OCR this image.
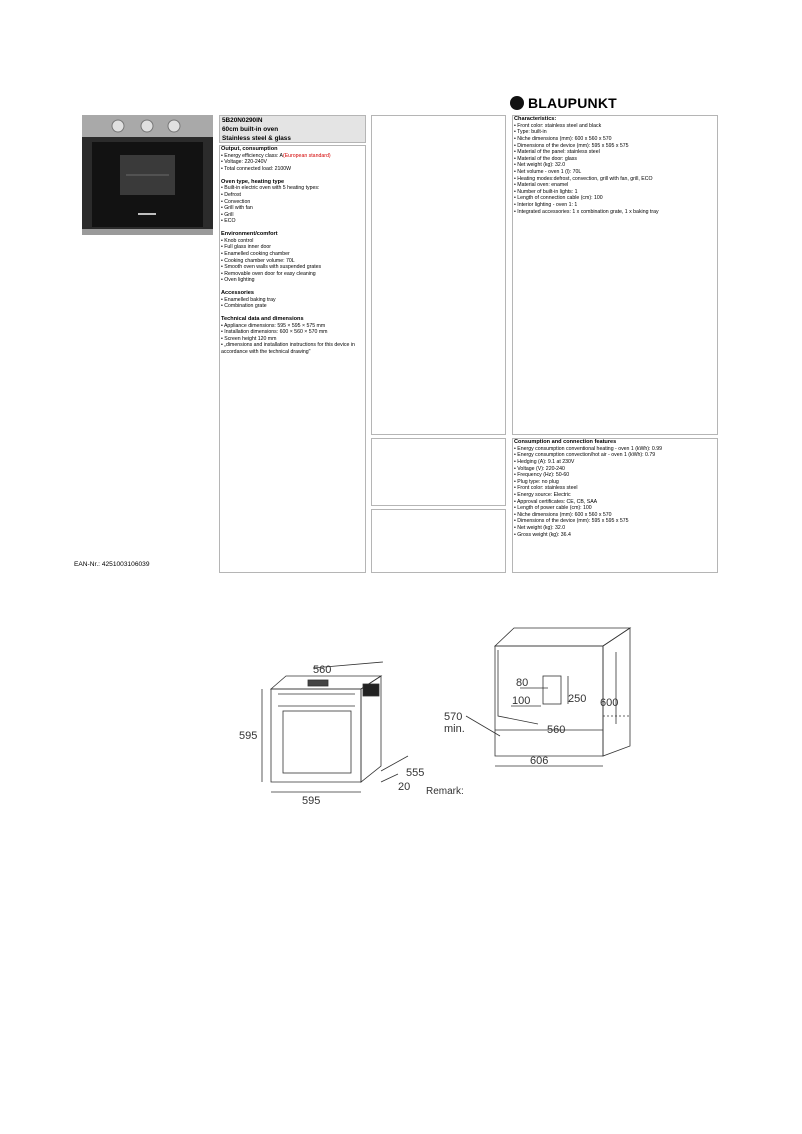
BLAUPUNKT
5B20N0290IN
60cm built-in oven
Stainless steel & glass
Output, consumption

• Energy efficiency class: A(European standard)

• Voltage: 220-240V

• Total connected load: 2100W

Oven type, heating type

• Built-in electric oven with 5 heating types:

• Defrost

• Convection

• Grill with fan

• Grill

• ECO

Environment/comfort

• Knob control

• Full glass inner door

• Enamelled cooking chamber

• Cooking chamber volume: 70L

• Smooth oven walls with suspended grates

• Removable oven door for easy cleaning

• Oven lighting

Accessories

• Enamelled baking tray

• Combination grate

Technical data and dimensions

• Appliance dimensions: 595 × 595 × 575 mm

• Installation dimensions: 600 × 560 × 570 mm

• Screen height 120 mm

• „dimensions and installation instructions for this device in accordance with the technical drawing"

Characteristics:

• Front color: stainless steel and black

• Type: built-in

• Niche dimensions (mm): 600 x 560 x 570

• Dimensions of the device (mm): 595 x 595 x 575

• Material of the panel: stainless steel

• Material of the door: glass

• Net weight (kg): 32.0

• Net volume - oven 1 (l): 70L

• Heating modes:defrost, convection, grill with fan, grill, ECO

• Material oven: enamel

• Number of built-in lights: 1

• Length of connection cable (cm): 100

• Interior lighting - oven 1: 1

• Integrated accessories: 1 x combination grate, 1 x baking tray

Consumption and connection features

• Energy consumption conventional heating - oven 1 (kWh): 0.99

• Energy consumption convection/hot air - oven 1 (kWh): 0.79

• Hedging (A): 9.1 at 230V

• Voltage (V): 220-240

• Frequency (Hz): 50-60

• Plug type: no plug

• Front color: stainless steel

• Energy source: Electric

• Approval certificates: CE, CB, SAA

• Length of power cable (cm): 100

• Niche dimensions (mm): 600 x 560 x 570

• Dimensions of the device (mm): 595 x 595 x 575

• Net weight (kg): 32.0

• Gross weight (kg): 36.4

EAN-Nr.: 4251003106039
560
595
595
555
20
80
100	250 600
570
min.	560
606
Remark:
